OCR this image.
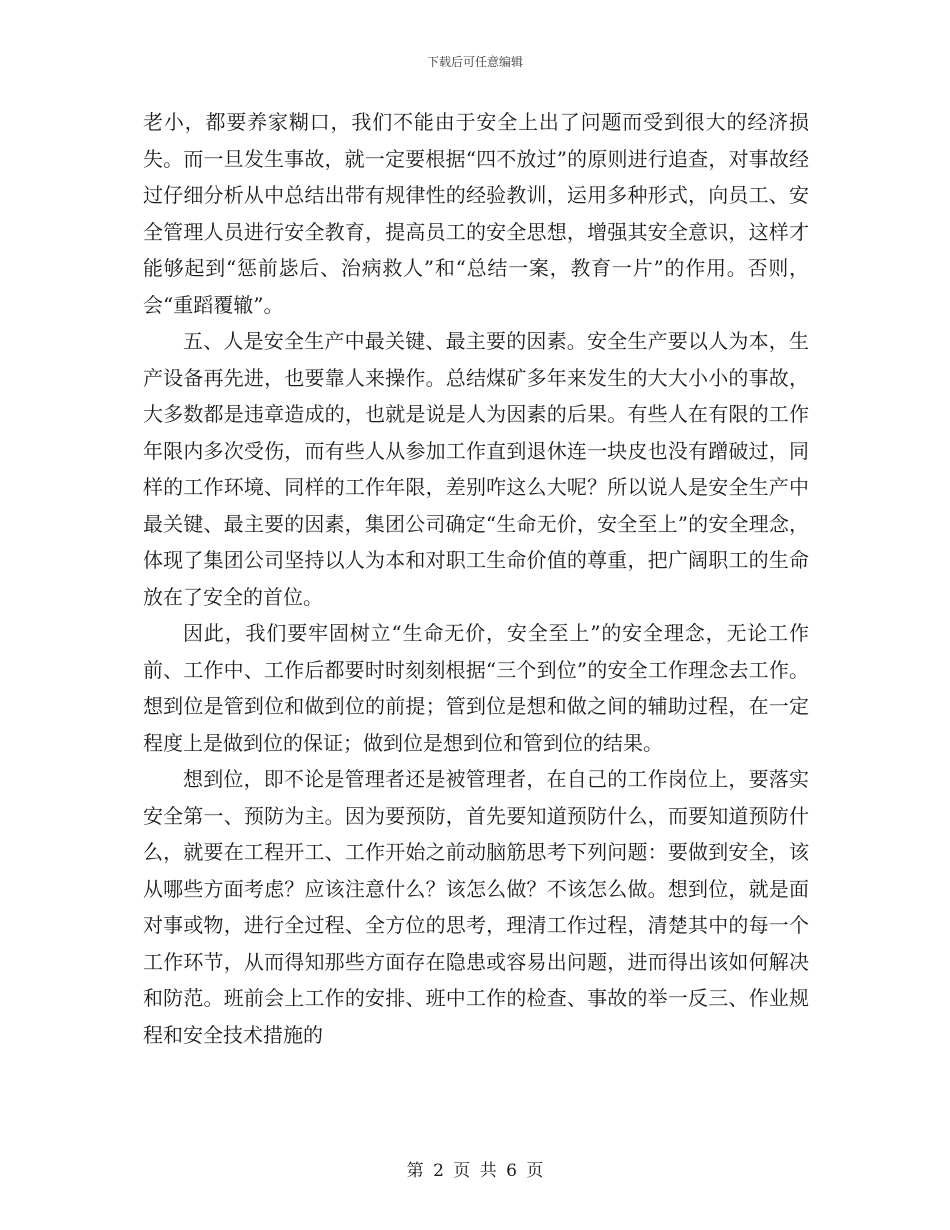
下载后可任意编辑

老小，都要养家糊口，我们不能由于安全上出了问题而受到很大的经济损失。而一旦发生事故，就一定要根据“四不放过”的原则进行追查，对事故经过仔细分析从中总结出带有规律性的经验教训，运用多种形式，向员工、安全管理人员进行安全教育，提高员工的安全思想，增强其安全意识，这样才能够起到“惩前毖后、治病救人”和“总结一案，教育一片”的作用。否则，会“重蹈覆辙”。

五、人是安全生产中最关键、最主要的因素。安全生产要以人为本，生产设备再先进，也要靠人来操作。总结煤矿多年来发生的大大小小的事故，大多数都是违章造成的，也就是说是人为因素的后果。有些人在有限的工作年限内多次受伤，而有些人从参加工作直到退休连一块皮也没有蹭破过，同样的工作环境、同样的工作年限，差别咋这么大呢？所以说人是安全生产中最关键、最主要的因素，集团公司确定“生命无价，安全至上”的安全理念，体现了集团公司坚持以人为本和对职工生命价值的尊重，把广阔职工的生命放在了安全的首位。

因此，我们要牢固树立“生命无价，安全至上”的安全理念，无论工作前、工作中、工作后都要时时刻刻根据“三个到位”的安全工作理念去工作。想到位是管到位和做到位的前提；管到位是想和做之间的辅助过程，在一定程度上是做到位的保证；做到位是想到位和管到位的结果。

想到位，即不论是管理者还是被管理者，在自己的工作岗位上，要落实安全第一、预防为主。因为要预防，首先要知道预防什么，而要知道预防什么，就要在工程开工、工作开始之前动脑筋思考下列问题：要做到安全，该从哪些方面考虑？应该注意什么？该怎么做？不该怎么做。想到位，就是面对事或物，进行全过程、全方位的思考，理清工作过程，清楚其中的每一个工作环节，从而得知那些方面存在隐患或容易出问题，进而得出该如何解决和防范。班前会上工作的安排、班中工作的检查、事故的举一反三、作业规程和安全技术措施的

第 2 页 共 6 页
